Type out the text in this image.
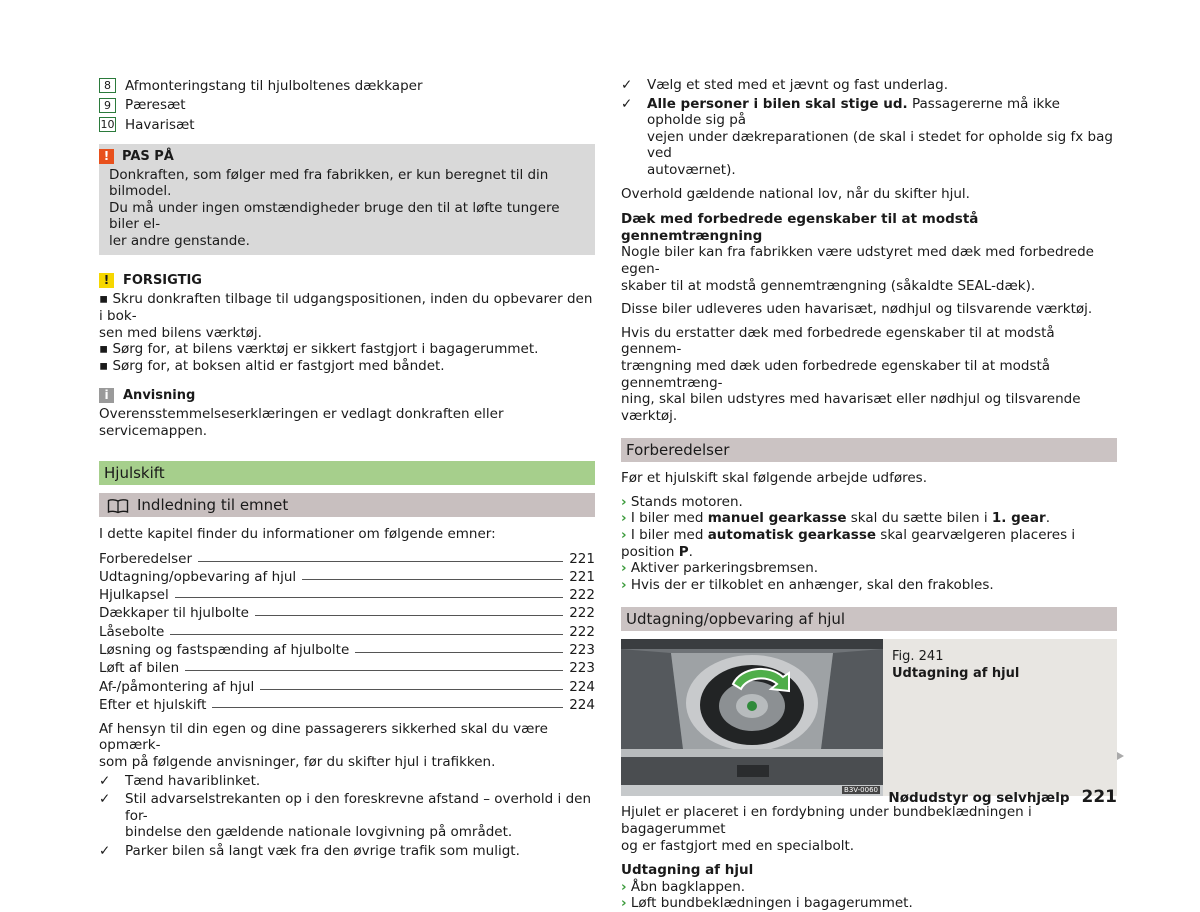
8	Afmonteringstang til hjulboltenes dækkaper
9	Pæresæt
10 Havarisæt
! PAS PÅ
Donkraften, som følger med fra fabrikken, er kun beregnet til din bilmodel.
Du må under ingen omstændigheder bruge den til at løfte tungere biler el-
ler andre genstande.
!	FORSIGTIG
▪ Skru donkraften tilbage til udgangspositionen, inden du opbevarer den i bok-
sen med bilens værktøj.
▪ Sørg for, at bilens værktøj er sikkert fastgjort i bagagerummet.
▪ Sørg for, at boksen altid er fastgjort med båndet.
i	Anvisning
Overensstemmelseserklæringen er vedlagt donkraften eller servicemappen.
Hjulskift
Indledning til emnet

I dette kapitel finder du informationer om følgende emner:

Forberedelser	221
Udtagning/opbevaring af hjul	221
Hjulkapsel	222
Dækkaper til hjulbolte	222
Låsebolte	222
Løsning og fastspænding af hjulbolte	223
Løft af bilen	223
Af-/påmontering af hjul	224
Efter et hjulskift	224
Af hensyn til din egen og dine passagerers sikkerhed skal du være opmærk-
som på følgende anvisninger, før du skifter hjul i trafikken.
✓	Tænd havariblinket.
✓	Stil advarselstrekanten op i den foreskrevne afstand – overhold i den for-
bindelse den gældende nationale lovgivning på området.
✓	Parker bilen så langt væk fra den øvrige trafik som muligt.
✓	Vælg et sted med et jævnt og fast underlag.
✓	Alle personer i bilen skal stige ud. Passagererne må ikke opholde sig på
vejen under dækreparationen (de skal i stedet for opholde sig fx bag ved
autoværnet).

Overhold gældende national lov, når du skifter hjul.

Dæk med forbedrede egenskaber til at modstå gennemtrængning
Nogle biler kan fra fabrikken være udstyret med dæk med forbedrede egen-
skaber til at modstå gennemtrængning (såkaldte SEAL-dæk).
Disse biler udleveres uden havarisæt, nødhjul og tilsvarende værktøj.
Hvis du erstatter dæk med forbedrede egenskaber til at modstå gennem-
trængning med dæk uden forbedrede egenskaber til at modstå gennemtræng-
ning, skal bilen udstyres med havarisæt eller nødhjul og tilsvarende værktøj.
Forberedelser

Før et hjulskift skal følgende arbejde udføres.

› Stands motoren.
› I biler med manuel gearkasse skal du sætte bilen i 1. gear.
› I biler med automatisk gearkasse skal gearvælgeren placeres i position P.
› Aktiver parkeringsbremsen.
› Hvis der er tilkoblet en anhænger, skal den frakobles.
Udtagning/opbevaring af hjul
B3V-0060
Fig. 241
Udtagning af hjul
Hjulet er placeret i en fordybning under bundbeklædningen i bagagerummet
og er fastgjort med en specialbolt.
Udtagning af hjul
› Åbn bagklappen.
› Løft bundbeklædningen i bagagerummet.
Nødudstyr og selvhjælp 221
